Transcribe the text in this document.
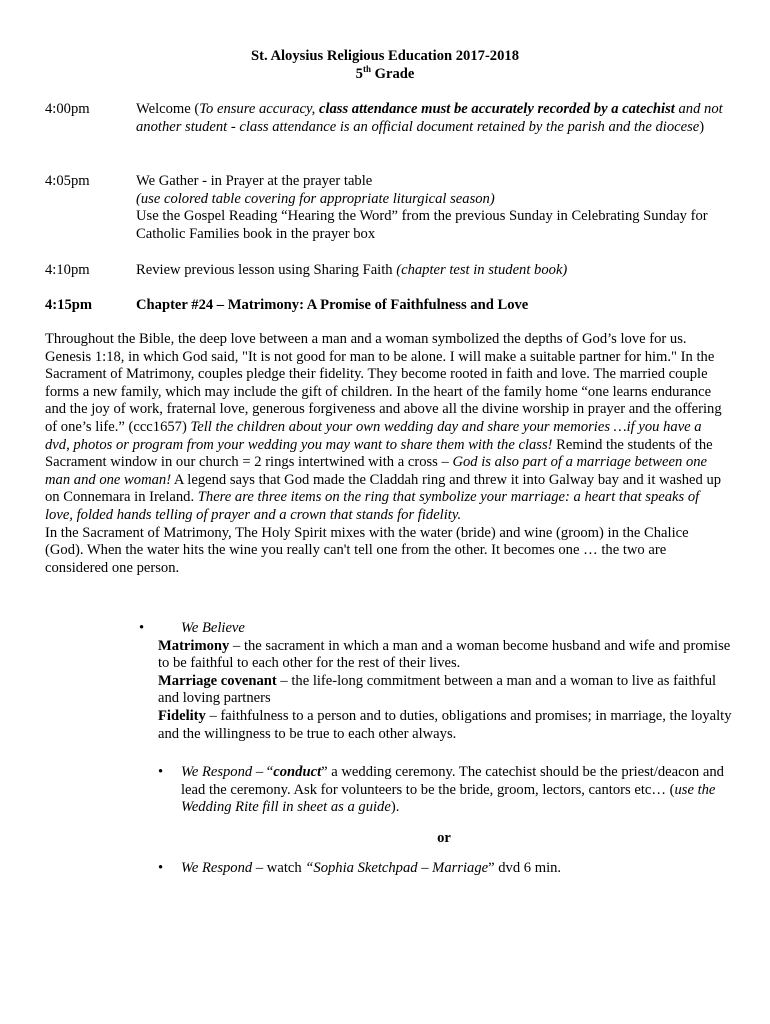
St. Aloysius Religious Education 2017-2018
5th Grade
4:00pm	Welcome (To ensure accuracy, class attendance must be accurately recorded by a catechist and not another student - class attendance is an official document retained by the parish and the diocese)
4:05pm	We Gather - in Prayer at the prayer table
(use colored table covering for appropriate liturgical season)
Use the Gospel Reading “Hearing the Word” from the previous Sunday in Celebrating Sunday for Catholic Families book in the prayer box
4:10pm	Review previous lesson using Sharing Faith (chapter test in student book)
4:15pm	Chapter #24 – Matrimony: A Promise of Faithfulness and Love
Throughout the Bible, the deep love between a man and a woman symbolized the depths of God’s love for us. Genesis 1:18, in which God said, "It is not good for man to be alone. I will make a suitable partner for him." In the Sacrament of Matrimony, couples pledge their fidelity. They become rooted in faith and love. The married couple forms a new family, which may include the gift of children. In the heart of the family home “one learns endurance and the joy of work, fraternal love, generous forgiveness and above all the divine worship in prayer and the offering of one’s life.” (ccc1657) Tell the children about your own wedding day and share your memories …if you have a dvd, photos or program from your wedding you may want to share them with the class! Remind the students of the Sacrament window in our church = 2 rings intertwined with a cross – God is also part of a marriage between one man and one woman! A legend says that God made the Claddah ring and threw it into Galway bay and it washed up on Connemara in Ireland. There are three items on the ring that symbolize your marriage: a heart that speaks of love, folded hands telling of prayer and a crown that stands for fidelity.
In the Sacrament of Matrimony, The Holy Spirit mixes with the water (bride) and wine (groom) in the Chalice (God). When the water hits the wine you really can't tell one from the other. It becomes one … the two are considered one person.
•	We Believe
Matrimony – the sacrament in which a man and a woman become husband and wife and promise to be faithful to each other for the rest of their lives.
Marriage covenant – the life-long commitment between a man and a woman to live as faithful and loving partners
Fidelity – faithfulness to a person and to duties, obligations and promises; in marriage, the loyalty and the willingness to be true to each other always.
• We Respond – “conduct” a wedding ceremony. The catechist should be the priest/deacon and lead the ceremony. Ask for volunteers to be the bride, groom, lectors, cantors etc… (use the Wedding Rite fill in sheet as a guide).
or
• We Respond – watch “Sophia Sketchpad – Marriage” dvd 6 min.
